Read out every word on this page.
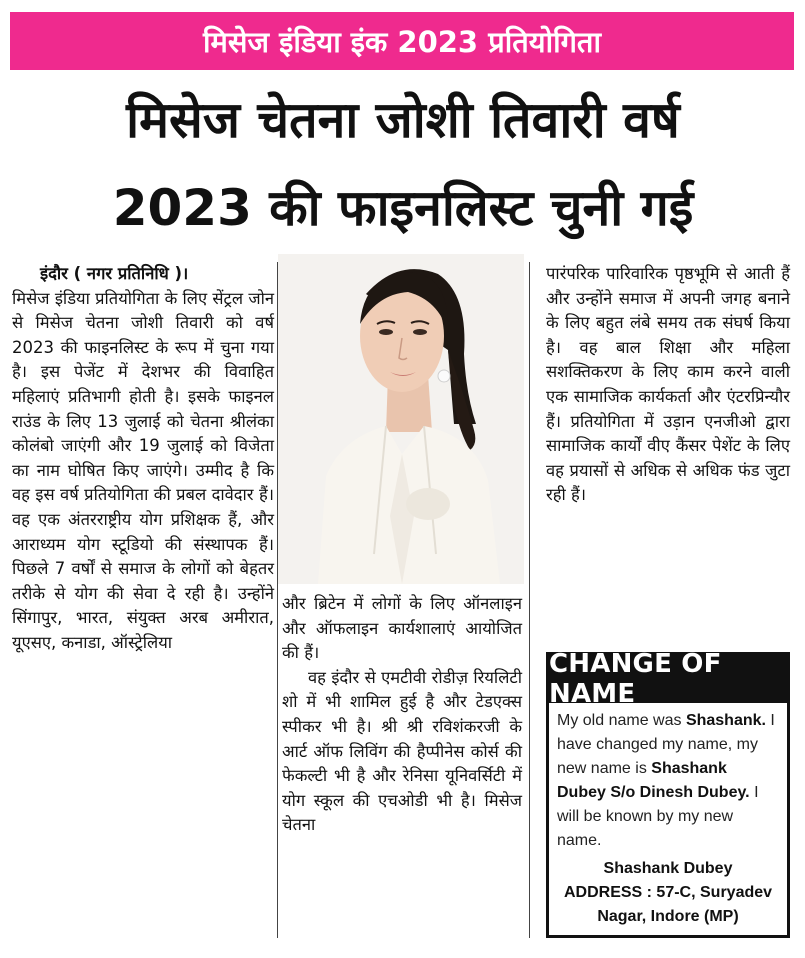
मिसेज इंडिया इंक 2023 प्रतियोगिता
मिसेज चेतना जोशी तिवारी वर्ष
2023 की फाइनलिस्ट चुनी गई

इंदौर ( नगर प्रतिनिधि )।

मिसेज इंडिया प्रतियोगिता के लिए सेंट्रल जोन से मिसेज चेतना जोशी तिवारी को वर्ष 2023 की फाइनलिस्ट के रूप में चुना गया है। इस पेजेंट में देशभर की विवाहित महिलाएं प्रतिभागी होती है। इसके फाइनल राउंड के लिए 13 जुलाई को चेतना श्रीलंका कोलंबो जाएंगी और 19 जुलाई को विजेता का नाम घोषित किए जाएंगे। उम्मीद है कि वह इस वर्ष प्रतियोगिता की प्रबल दावेदार हैं। वह एक अंतरराष्ट्रीय योग प्रशिक्षक हैं, और आराध्यम योग स्टूडियो की संस्थापक हैं। पिछले 7 वर्षों से समाज के लोगों को बेहतर तरीके से योग की सेवा दे रही है। उन्होंने सिंगापुर, भारत, संयुक्त अरब अमीरात, यूएसए, कनाडा, ऑस्ट्रेलिया

और ब्रिटेन में लोगों के लिए ऑनलाइन और ऑफलाइन कार्यशालाएं आयोजित की हैं।

वह इंदौर से एमटीवी रोडीज़ रियलिटी शो में भी शामिल हुई है और टेडएक्स स्पीकर भी है। श्री श्री रविशंकरजी के आर्ट ऑफ लिविंग की हैप्पीनेस कोर्स की फेकल्टी भी है और रेनिसा यूनिवर्सिटी में योग स्कूल की एचओडी भी है। मिसेज चेतना

पारंपरिक पारिवारिक पृष्ठभूमि से आती हैं और उन्होंने समाज में अपनी जगह बनाने के लिए बहुत लंबे समय तक संघर्ष किया है। वह बाल शिक्षा और महिला सशक्तिकरण के लिए काम करने वाली एक सामाजिक कार्यकर्ता और एंटरप्रिन्यौर हैं। प्रतियोगिता में उड़ान एनजीओ द्वारा सामाजिक कार्यों वीए कैंसर पेशेंट के लिए वह प्रयासों से अधिक से अधिक फंड जुटा रही हैं।

CHANGE OF NAME
My old name was Shashank. I have changed my name, my new name is Shashank Dubey S/o Dinesh Dubey. I will be known by my new name.
Shashank Dubey
ADDRESS : 57-C, Suryadev
Nagar, Indore (MP)
